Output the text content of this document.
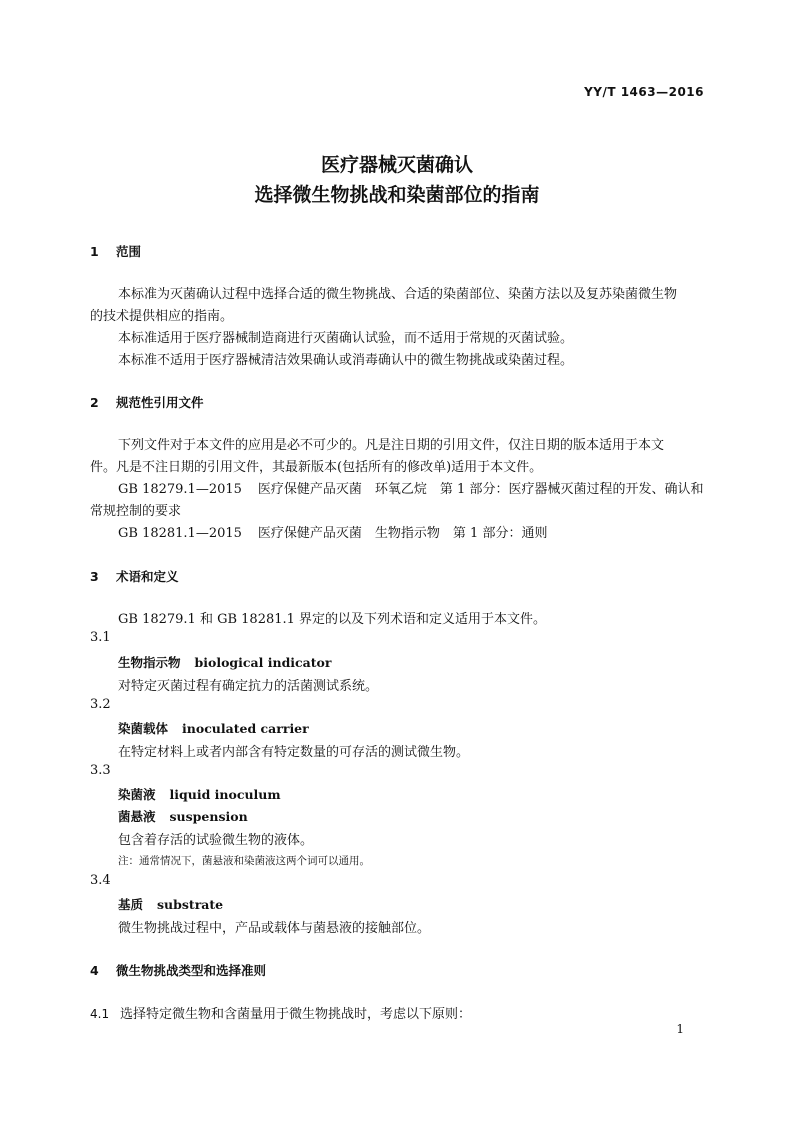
YY/T 1463—2016
医疗器械灭菌确认
选择微生物挑战和染菌部位的指南
1 范围
本标准为灭菌确认过程中选择合适的微生物挑战、合适的染菌部位、染菌方法以及复苏染菌微生物
的技术提供相应的指南。
本标准适用于医疗器械制造商进行灭菌确认试验，而不适用于常规的灭菌试验。
本标准不适用于医疗器械清洁效果确认或消毒确认中的微生物挑战或染菌过程。
2 规范性引用文件
下列文件对于本文件的应用是必不可少的。凡是注日期的引用文件，仅注日期的版本适用于本文
件。凡是不注日期的引用文件，其最新版本(包括所有的修改单)适用于本文件。
GB 18279.1—2015 医疗保健产品灭菌　环氧乙烷　第 1 部分：医疗器械灭菌过程的开发、确认和
常规控制的要求
GB 18281.1—2015 医疗保健产品灭菌　生物指示物　第 1 部分：通则
3 术语和定义
GB 18279.1 和 GB 18281.1 界定的以及下列术语和定义适用于本文件。
3.1
生物指示物 biological indicator
对特定灭菌过程有确定抗力的活菌测试系统。
3.2
染菌载体 inoculated carrier
在特定材料上或者内部含有特定数量的可存活的测试微生物。
3.3
染菌液 liquid inoculum
菌悬液 suspension
包含着存活的试验微生物的液体。
注：通常情况下，菌悬液和染菌液这两个词可以通用。
3.4
基质 substrate
微生物挑战过程中，产品或载体与菌悬液的接触部位。
4 微生物挑战类型和选择准则
4.1 选择特定微生物和含菌量用于微生物挑战时，考虑以下原则：
1
